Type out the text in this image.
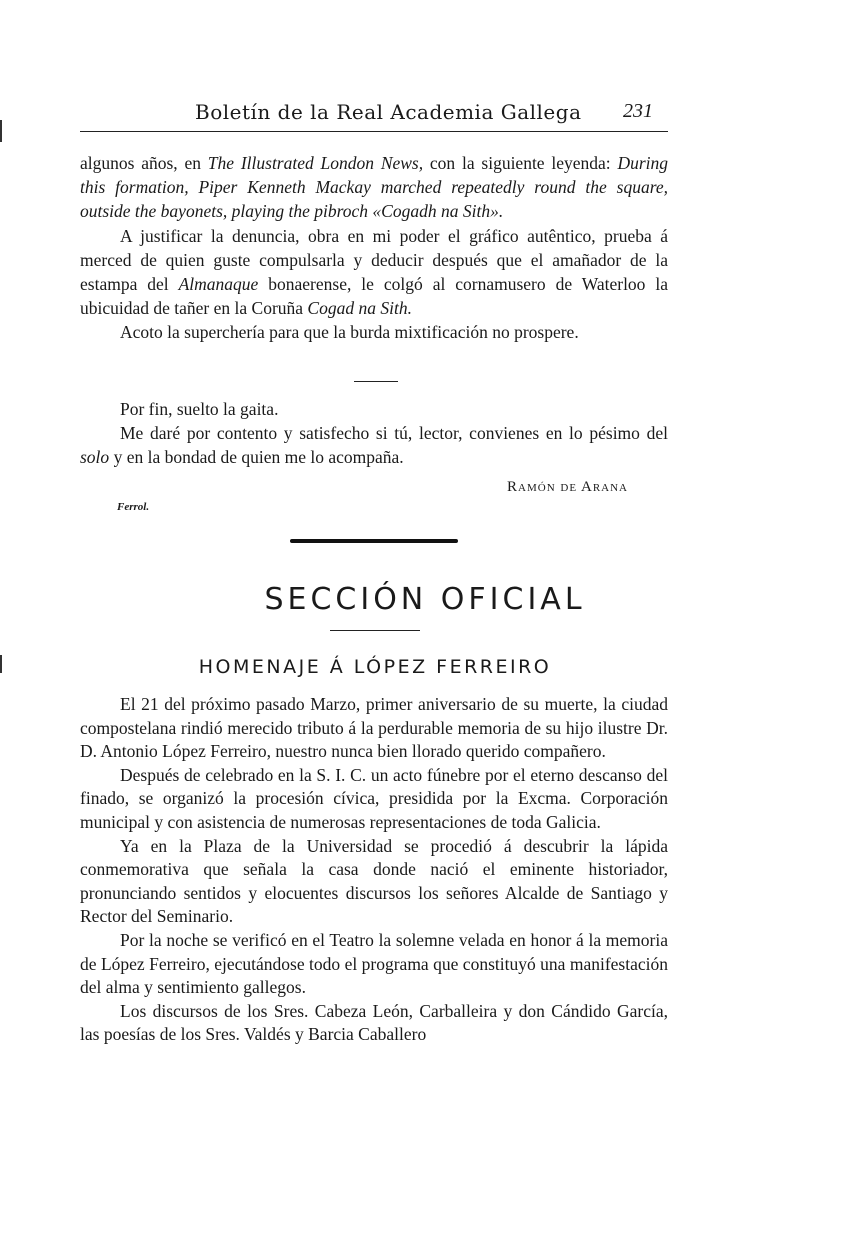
Boletín de la Real Academia Gallega 231

algunos años, en The Illustrated London News, con la siguiente leyenda: During this formation, Piper Kenneth Mackay marched repeatedly round the square, outside the bayonets, playing the pibroch «Cogadh na Sith».

A justificar la denuncia, obra en mi poder el gráfico autêntico, prueba á merced de quien guste compulsarla y deducir después que el amañador de la estampa del Almanaque bonaerense, le colgó al cornamusero de Waterloo la ubicuidad de tañer en la Coruña Cogad na Sith.

Acoto la superchería para que la burda mixtificación no prospere.

Por fin, suelto la gaita.

Me daré por contento y satisfecho si tú, lector, convienes en lo pésimo del solo y en la bondad de quien me lo acompaña.

Ramón de Arana
Ferrol.
SECCIÓN OFICIAL
HOMENAJE Á LÓPEZ FERREIRO

El 21 del próximo pasado Marzo, primer aniversario de su muerte, la ciudad compostelana rindió merecido tributo á la perdurable memoria de su hijo ilustre Dr. D. Antonio López Ferreiro, nuestro nunca bien llorado querido compañero.

Después de celebrado en la S. I. C. un acto fúnebre por el eterno descanso del finado, se organizó la procesión cívica, presidida por la Excma. Corporación municipal y con asistencia de numerosas representaciones de toda Galicia.

Ya en la Plaza de la Universidad se procedió á descubrir la lápida conmemorativa que señala la casa donde nació el eminente historiador, pronunciando sentidos y elocuentes discursos los señores Alcalde de Santiago y Rector del Seminario.

Por la noche se verificó en el Teatro la solemne velada en honor á la memoria de López Ferreiro, ejecutándose todo el programa que constituyó una manifestación del alma y sentimiento gallegos.

Los discursos de los Sres. Cabeza León, Carballeira y don Cándido García, las poesías de los Sres. Valdés y Barcia Caballero
